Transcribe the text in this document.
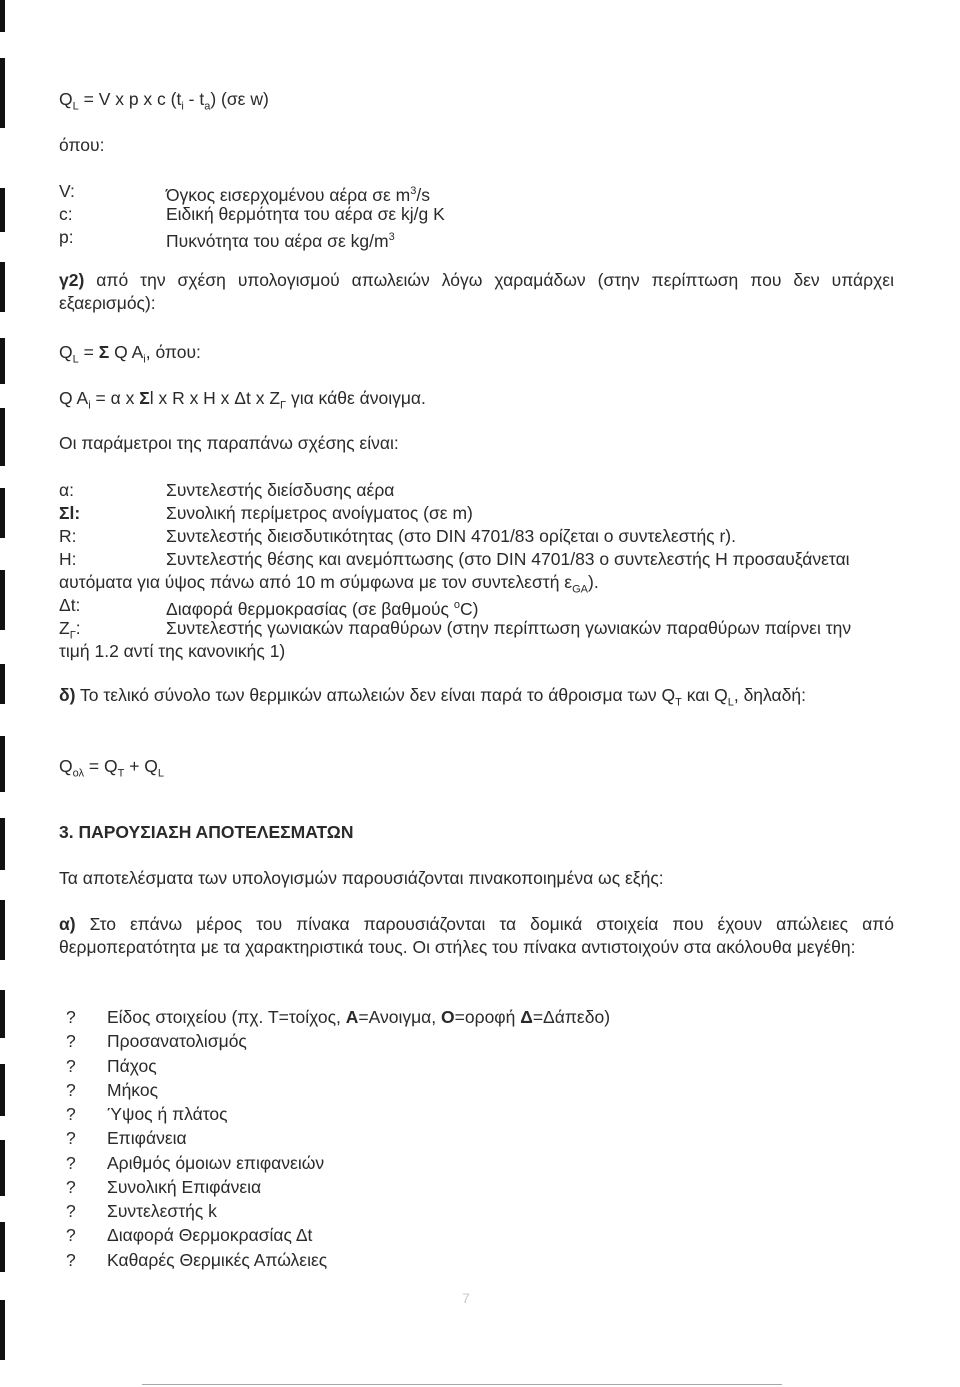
$Q_L = V$ x p x c $(t_i - t_a)$ (σε w)
όπου:
V:	Όγκος εισερχομένου αέρα σε $m^3/s$
c:	Ειδική θερμότητα του αέρα σε kj/g K
p:	Πυκνότητα του αέρα σε $kg/m^3$
γ2) από την σχέση υπολογισμού απωλειών λόγω χαραμάδων (στην περίπτωση που δεν υπάρχει εξαερισμός):
$Q_L = \Sigma$ Q $A_i$, όπου:
Q $A_i = \alpha$ x Σl x R x H x Δt x $Z_\Gamma$ για κάθε άνοιγμα.
Οι παράμετροι της παραπάνω σχέσης είναι:
α:	Συντελεστής διείσδυσης αέρα
Σl:	Συνολική περίμετρος ανοίγματος (σε m)
R:	Συντελεστής διεισδυτικότητας (στο DIN 4701/83 ορίζεται ο συντελεστής r).
H:	Συντελεστής θέσης και ανεμόπτωσης (στο DIN 4701/83 ο συντελεστής Η προσαυξάνεται
αυτόματα για ύψος πάνω από 10 m σύμφωνα με τον συντελεστή $\varepsilon_{GA}$).
Δt:	Διαφορά θερμοκρασίας (σε βαθμούς $^o$C)
$Z_\Gamma$:	Συντελεστής γωνιακών παραθύρων (στην περίπτωση γωνιακών παραθύρων παίρνει την
τιμή 1.2 αντί της κανονικής 1)
δ) Το τελικό σύνολο των θερμικών απωλειών δεν είναι παρά το άθροισμα των $Q_T$ και $Q_L$, δηλαδή:
$Q_{o\lambda} = Q_T + Q_L$
3. ΠΑΡΟΥΣΙΑΣΗ ΑΠΟΤΕΛΕΣΜΑΤΩΝ
Τα αποτελέσματα των υπολογισμών παρουσιάζονται πινακοποιημένα ως εξής:
α) Στο επάνω μέρος του πίνακα παρουσιάζονται τα δομικά στοιχεία που έχουν απώλειες από θερμοπερατότητα με τα χαρακτηριστικά τους. Οι στήλες του πίνακα αντιστοιχούν στα ακόλουθα μεγέθη:
? Είδος στοιχείου (πχ. Τ=τοίχος, Α=Ανοιγμα, Ο=οροφή Δ=Δάπεδο)
? Προσανατολισμός
? Πάχος
? Μήκος
? Ύψος ή πλάτος
? Επιφάνεια
? Αριθμός όμοιων επιφανειών
? Συνολική Επιφάνεια
? Συντελεστής k
? Διαφορά Θερμοκρασίας Δt
? Καθαρές Θερμικές Απώλειες
7
